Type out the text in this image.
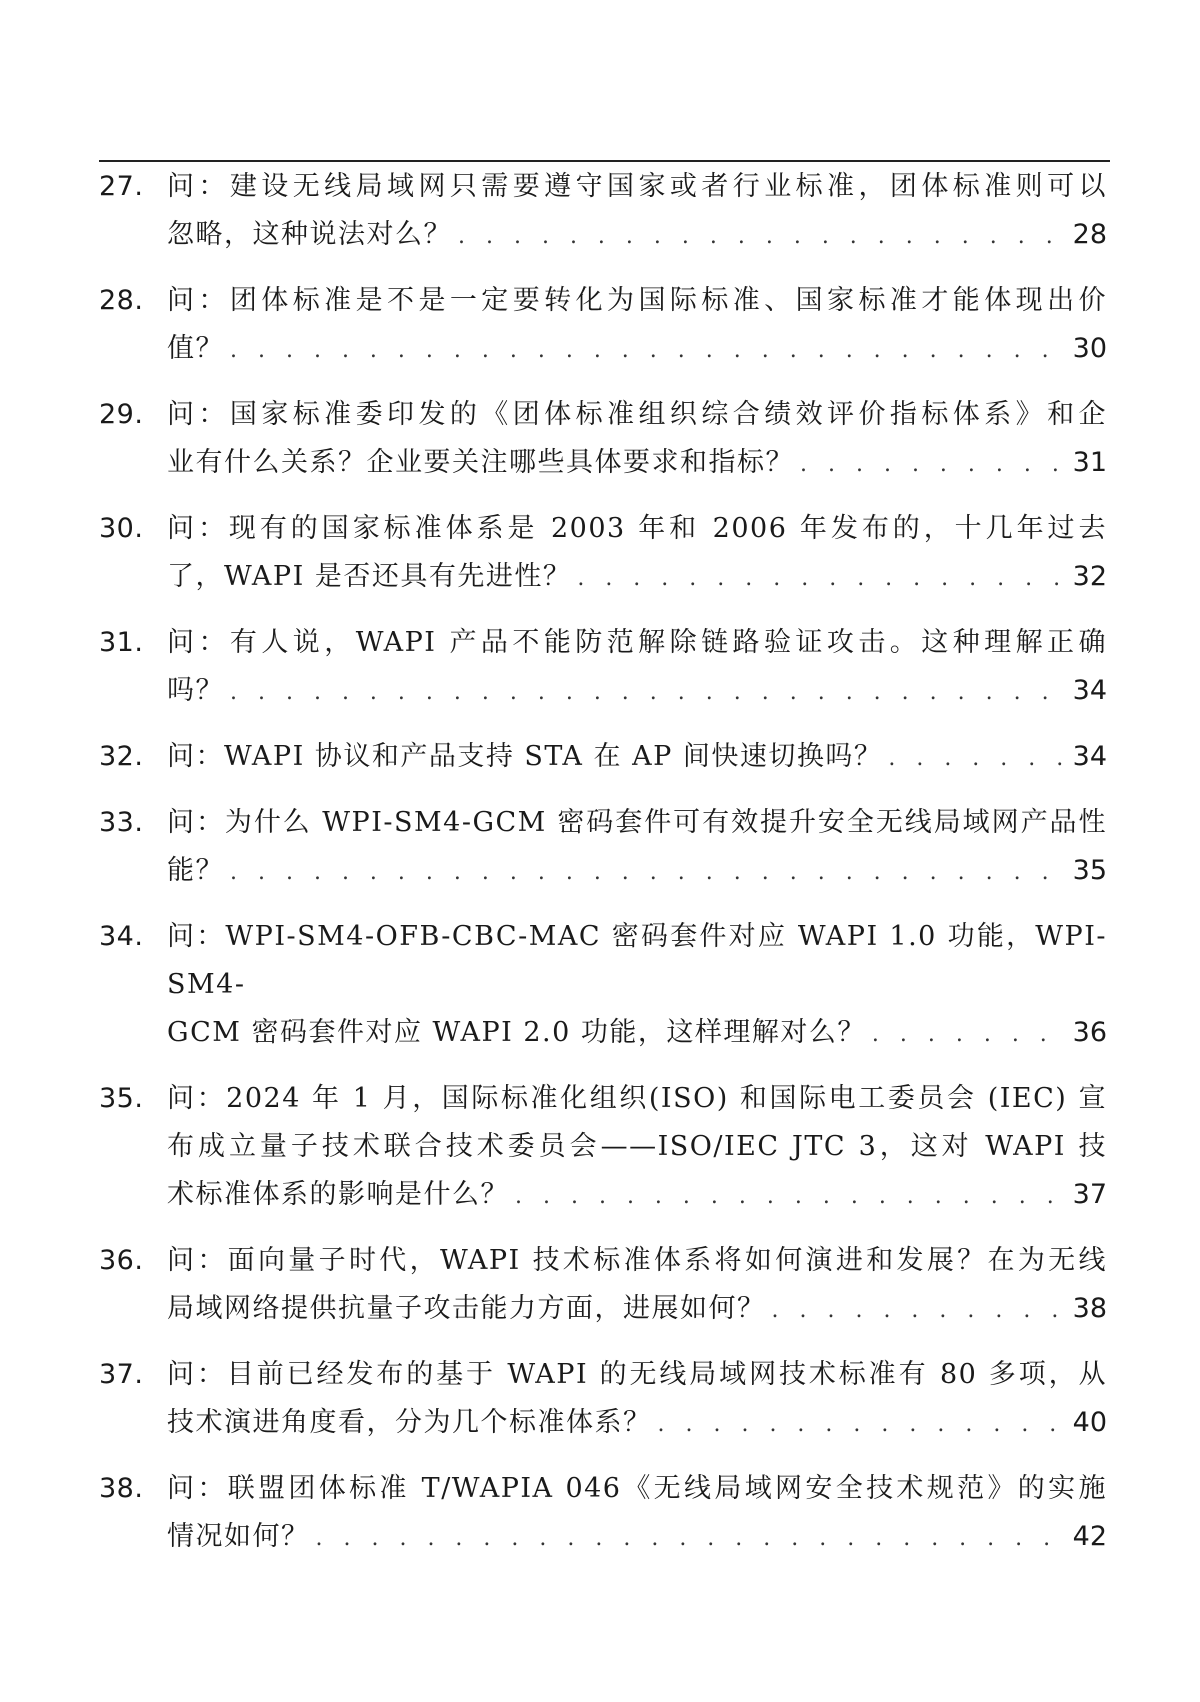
27. 问：建设无线局域网只需要遵守国家或者行业标准，团体标准则可以
忽略，这种说法对么？ . . .	28
28. 问：团体标准是不是一定要转化为国际标准、国家标准才能体现出价
值？ . . .	30
29. 问：国家标准委印发的《团体标准组织综合绩效评价指标体系》和企
业有什么关系？企业要关注哪些具体要求和指标？ . . .	31
30. 问：现有的国家标准体系是 2003 年和 2006 年发布的，十几年过去
了，WAPI 是否还具有先进性？ . . .	32
31. 问：有人说，WAPI 产品不能防范解除链路验证攻击。这种理解正确
吗？ . . .	34
32. 问：WAPI 协议和产品支持 STA 在 AP 间快速切换吗？ . . .	34
33. 问：为什么 WPI-SM4-GCM 密码套件可有效提升安全无线局域网产品性
能？ . . .	35
34. 问：WPI-SM4-OFB-CBC-MAC 密码套件对应 WAPI 1.0 功能，WPI-SM4-
GCM 密码套件对应 WAPI 2.0 功能，这样理解对么？ . . .	36
35. 问：2024 年 1 月，国际标准化组织(ISO) 和国际电工委员会 (IEC) 宣布成立量子技术联合技术委员会——ISO/IEC JTC 3，这对 WAPI 技
术标准体系的影响是什么？ . . .	37
36. 问：面向量子时代，WAPI 技术标准体系将如何演进和发展？在为无线
局域网络提供抗量子攻击能力方面，进展如何？ . . .	38
37. 问：目前已经发布的基于 WAPI 的无线局域网技术标准有 80 多项，从
技术演进角度看，分为几个标准体系？ . . .	40
38. 问：联盟团体标准 T/WAPIA 046《无线局域网安全技术规范》的实施
情况如何？ . . .	42
